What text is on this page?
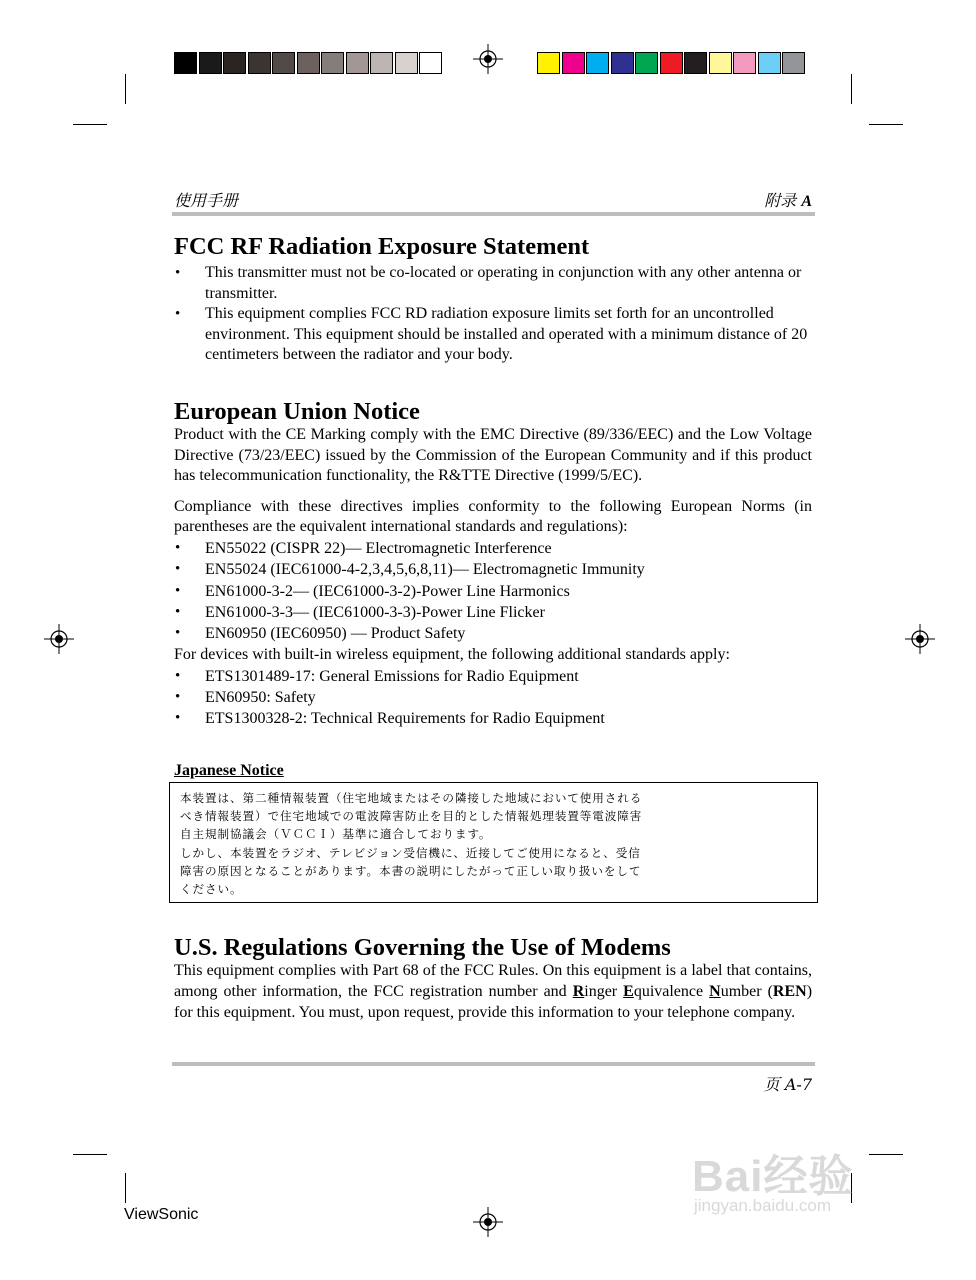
使用手册	附录 A
FCC RF Radiation Exposure Statement
• This transmitter must not be co-located or operating in conjunction with any other antenna or transmitter.
• This equipment complies FCC RD radiation exposure limits set forth for an uncontrolled environment. This equipment should be installed and operated with a minimum distance of 20 centimeters between the radiator and your body.
European Union Notice

Product with the CE Marking comply with the EMC Directive (89/336/EEC) and the Low Voltage Directive (73/23/EEC) issued by the Commission of the European Community and if this product has telecommunication functionality, the R&TTE Directive (1999/5/EC).

Compliance with these directives implies conformity to the following European Norms (in parentheses are the equivalent international standards and regulations):

• EN55022 (CISPR 22)— Electromagnetic Interference
• EN55024 (IEC61000-4-2,3,4,5,6,8,11)— Electromagnetic Immunity
• EN61000-3-2— (IEC61000-3-2)-Power Line Harmonics
• EN61000-3-3— (IEC61000-3-3)-Power Line Flicker
• EN60950 (IEC60950) — Product Safety

For devices with built-in wireless equipment, the following additional standards apply:

• ETS1301489-17: General Emissions for Radio Equipment
• EN60950: Safety
• ETS1300328-2: Technical Requirements for Radio Equipment
Japanese Notice
本装置は、第二種情報装置（住宅地域またはその隣接した地域において使用される
べき情報装置）で住宅地域での電波障害防止を目的とした情報処理装置等電波障害
自主規制協議会（ＶＣＣＩ）基準に適合しております。
しかし、本装置をラジオ、テレビジョン受信機に、近接してご使用になると、受信
障害の原因となることがあります。本書の説明にしたがって正しい取り扱いをして
ください。
U.S. Regulations Governing the Use of Modems

This equipment complies with Part 68 of the FCC Rules. On this equipment is a label that contains, among other information, the FCC registration number and Ringer Equivalence Number (REN) for this equipment. You must, upon request, provide this information to your telephone company.

页 A-7
ViewSonic
Bai经验
jingyan.baidu.com
